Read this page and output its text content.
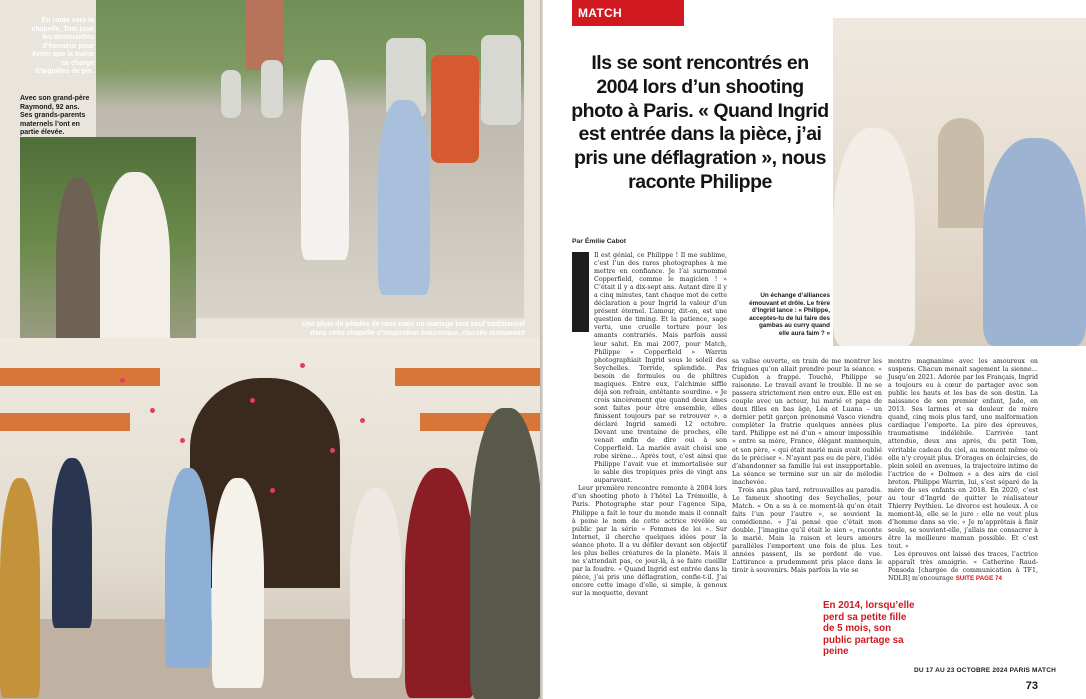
En route vers la chapelle, Tom joue les demoiselles d’honneur pour éviter que la traîne se charge d’aiguilles de pin.
Avec son grand-père Raymond, 92 ans. Ses grands-parents maternels l’ont en partie élevée.
Une pluie de pétales de rose mais un mariage tout sauf traditionnel dans cette chapelle d’inspiration mauresque, classée monument
MATCH ACTUALITÉ
Ils se sont rencontrés en 2004 lors d’un shooting photo à Paris. « Quand Ingrid est entrée dans la pièce, j’ai pris une déflagration », nous raconte Philippe
Un échange d’alliances émouvant et drôle. Le frère d’Ingrid lance : « Philippe, acceptes-tu de lui faire des gambas au curry quand elle aura faim ? »
Par Émilie Cabot

Il est génial, ce Philippe ! Il me sublime, c’est l’un des rares photographes à me mettre en confiance. Je l’ai surnommé Copperfield, comme le magicien ! » C’était il y a dix-sept ans. Autant dire il y a cinq minutes, tant chaque mot de cette déclaration a pour Ingrid la valeur d’un présent éternel. L’amour, dit-on, est une question de timing. Et la patience, sage vertu, une cruelle torture pour les amants contrariés. Mais parfois aussi leur salut. En mai 2007, pour Match, Philippe « Copperfield » Warrin photographiait Ingrid sous le soleil des Seychelles. Torride, splendide. Pas besoin de formules ou de philtres magiques. Entre eux, l’alchimie siffle déjà son refrain, entêtante sourdine. « Je crois sincèrement que quand deux âmes sont faites pour être ensemble, elles finissent toujours par se retrouver », a déclaré Ingrid samedi 12 octobre. Devant une trentaine de proches, elle venait enfin de dire oui à son Copperfield. La mariée avait choisi une robe sirène… Après tout, c’est ainsi que Philippe l’avait vue et immortalisée sur le sable des tropiques près de vingt ans auparavant.

Leur première rencontre remonte à 2004 lors d’un shooting photo à l’hôtel La Trémoille, à Paris. Photographe star pour l’agence Sipa, Philippe a fait le tour du monde mais il connaît à peine le nom de cette actrice révélée au public par la série « Femmes de loi ». Sur Internet, il cherche quelques idées pour la séance photo. Il a vu défiler devant son objectif les plus belles créatures de la planète. Mais il ne s’attendait pas, ce jour-là, à se faire cueillir par la foudre. « Quand Ingrid est entrée dans la pièce, j’ai pris une déflagration, confie-t-il. J’ai encore cette image d’elle, si simple, à genoux sur la moquette, devant

sa valise ouverte, en train de me montrer les fringues qu’on allait prendre pour la séance. » Cupidon a frappé. Touché, Philippe se raisonne. Le travail avant le trouble. Il ne se passera strictement rien entre eux. Elle est en couple avec un acteur, lui marié et papa de deux filles en bas âge, Léa et Luana – un dernier petit garçon prénommé Vasco viendra compléter la fratrie quelques années plus tard. Philippe est né d’un « amour impossible » entre sa mère, France, élégant mannequin, et son père, « qui était marié mais avait oublié de le préciser ». N’ayant pas eu de père, l’idée d’abandonner sa famille lui est insupportable. La séance se termine sur un air de mélodie inachevée.

Trois ans plus tard, retrouvailles au paradis. Le fameux shooting des Seychelles, pour Match. « On a su à ce moment-là qu’on était faits l’un pour l’autre », se souvient la comédienne. « J’ai pensé que c’était mon double. J’imagine qu’il était le sien », raconte le marié. Mais la raison et leurs amours parallèles l’emportent une fois de plus. Les années passent, ils se perdent de vue. L’attirance a prudemment pris place dans le tiroir à souvenirs. Mais parfois la vie se

montre magnanime avec les amoureux en suspens. Chacun menait sagement la sienne… Jusqu’en 2021. Adorée par les Français, Ingrid a toujours eu à cœur de partager avec son public les hauts et les bas de son destin. La naissance de son premier enfant, Jade, en 2013. Ses larmes et sa douleur de mère quand, cinq mois plus tard, une malformation cardiaque l’emporte. La pire des épreuves, traumatisme indélébile. L’arrivée tant attendue, deux ans après, du petit Tom, véritable cadeau du ciel, au moment même où elle n’y croyait plus. D’orages en éclaircies, de plein soleil en avenues, la trajectoire intime de l’actrice de « Dolmen » a des airs de ciel breton. Philippe Warrin, lui, s’est séparé de la mère de ses enfants en 2018. En 2020, c’est au tour d’Ingrid de quitter le réalisateur Thierry Peythieu. Le divorce est houleux. À ce moment-là, elle se le jure : elle ne veut plus d’homme dans sa vie. « Je m’apprêtais à finir seule, se souvient-elle, j’allais me consacrer à être la meilleure maman possible. Et c’est tout. »

Les épreuves ont laissé des traces, l’actrice apparaît très amaigrie. « Catherine Raud-Ponsoda [chargée de communication à TF1, NDLR] m’encourage SUITE PAGE 74

En 2014, lorsqu’elle perd sa petite fille de 5 mois, son public partage sa peine
DU 17 AU 23 OCTOBRE 2024 PARIS MATCH
73
